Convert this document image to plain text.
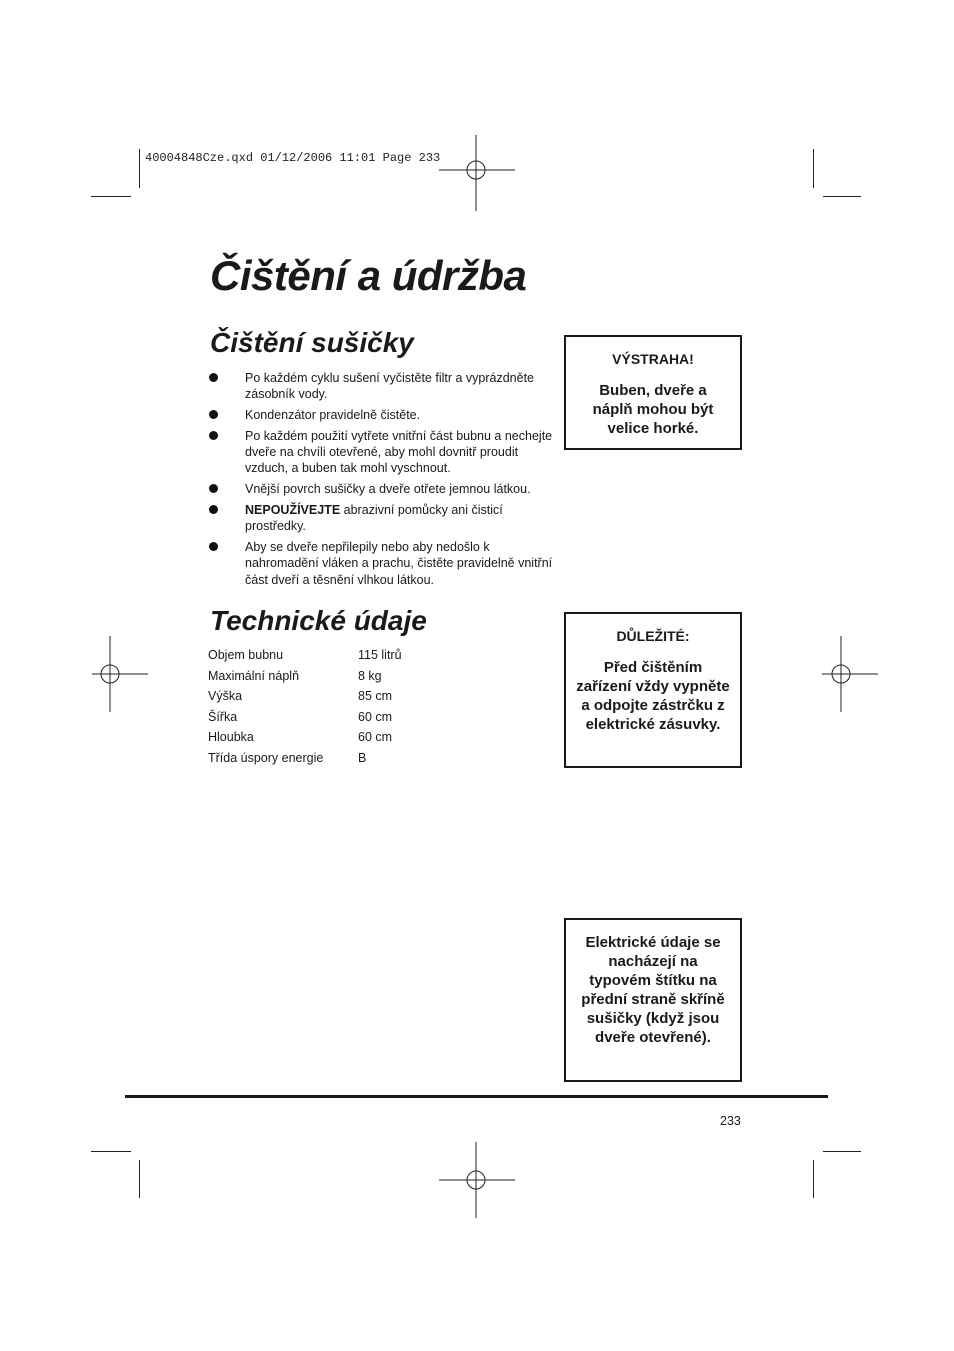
40004848Cze.qxd 01/12/2006 11:01 Page 233
Čištění a údržba
Čištění sušičky
Po každém cyklu sušení vyčistěte filtr a vyprázdněte zásobník vody.
Kondenzátor pravidelně čistěte.
Po každém použití vytřete vnitřní část bubnu a nechejte dveře na chvíli otevřené, aby mohl dovnitř proudit vzduch, a buben tak mohl vyschnout.
Vnější povrch sušičky a dveře otřete jemnou látkou.
NEPOUŽÍVEJTE abrazivní pomůcky ani čisticí prostředky.
Aby se dveře nepřilepily nebo aby nedošlo k nahromadění vláken a prachu, čistěte pravidelně vnitřní část dveří a těsnění vlhkou látkou.
Technické údaje
Objem bubnu	115 litrů
Maximální náplň	8 kg
Výška	85 cm
Šířka	60 cm
Hloubka	60 cm
Třída úspory energie	B
VÝSTRAHA!
Buben, dveře a náplň mohou být velice horké.
DŮLEŽITÉ:
Před čištěním zařízení vždy vypněte a odpojte zástrčku z elektrické zásuvky.
Elektrické údaje se nacházejí na typovém štítku na přední straně skříně sušičky (když jsou dveře otevřené).
233
